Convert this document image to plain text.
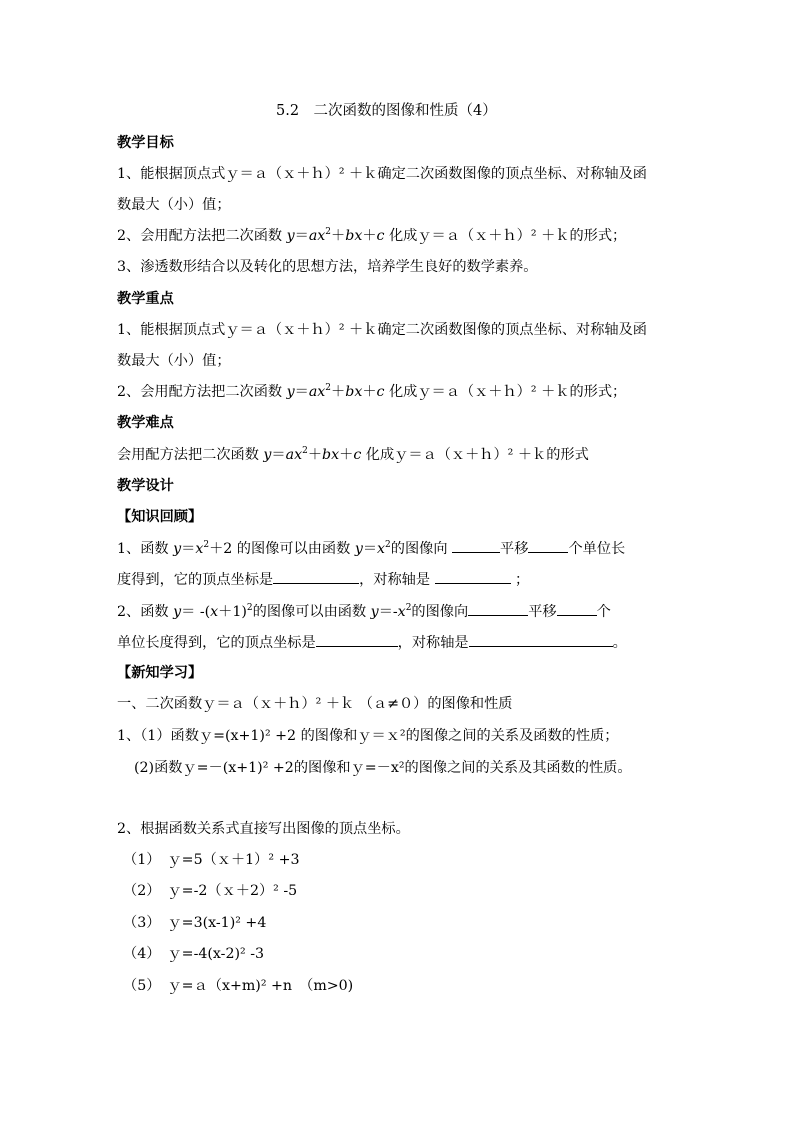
5.2　二次函数的图像和性质（4）
教学目标
1、能根据顶点式ｙ＝ａ（ｘ＋ｈ）² ＋ｋ确定二次函数图像的顶点坐标、对称轴及函
数最大（小）值；
2、会用配方法把二次函数 $y=ax^2+bx+c$ 化成ｙ＝ａ（ｘ＋ｈ）² ＋ｋ的形式；
3、渗透数形结合以及转化的思想方法，培养学生良好的数学素养。
教学重点
1、能根据顶点式ｙ＝ａ（ｘ＋ｈ）² ＋ｋ确定二次函数图像的顶点坐标、对称轴及函
数最大（小）值；
2、会用配方法把二次函数 $y=ax^2+bx+c$ 化成ｙ＝ａ（ｘ＋ｈ）² ＋ｋ的形式；
教学难点
会用配方法把二次函数 $y=ax^2+bx+c$ 化成ｙ＝ａ（ｘ＋ｈ）² ＋ｋ的形式
教学设计
【知识回顾】
1、函数 $y=x^2+2$ 的图像可以由函数 $y=x^2$的图像向	平移	个单位长
度得到，它的顶点坐标是	，对称轴是	；
2、函数 $y= -(x+1)^2$的图像可以由函数 $y=-x^2$的图像向	平移	个
单位长度得到，它的顶点坐标是	，对称轴是	。
【新知学习】
一、二次函数ｙ＝ａ（ｘ＋ｈ）² ＋ｋ （ａ≠０）的图像和性质
1、（1）函数ｙ=(x+1)² +2 的图像和ｙ＝ｘ²的图像之间的关系及函数的性质；
(2)函数ｙ=－(x+1)² +2的图像和ｙ=－x²的图像之间的关系及其函数的性质。
2、根据函数关系式直接写出图像的顶点坐标。
（1）　ｙ=5（ｘ＋1）² +3
（2）　ｙ=-2（ｘ＋2）² -5
（3）　ｙ=3(x-1)² +4
（4）　ｙ=-4(x-2)² -3
（5）　ｙ=ａ（x+m)² +n　（m>0)
